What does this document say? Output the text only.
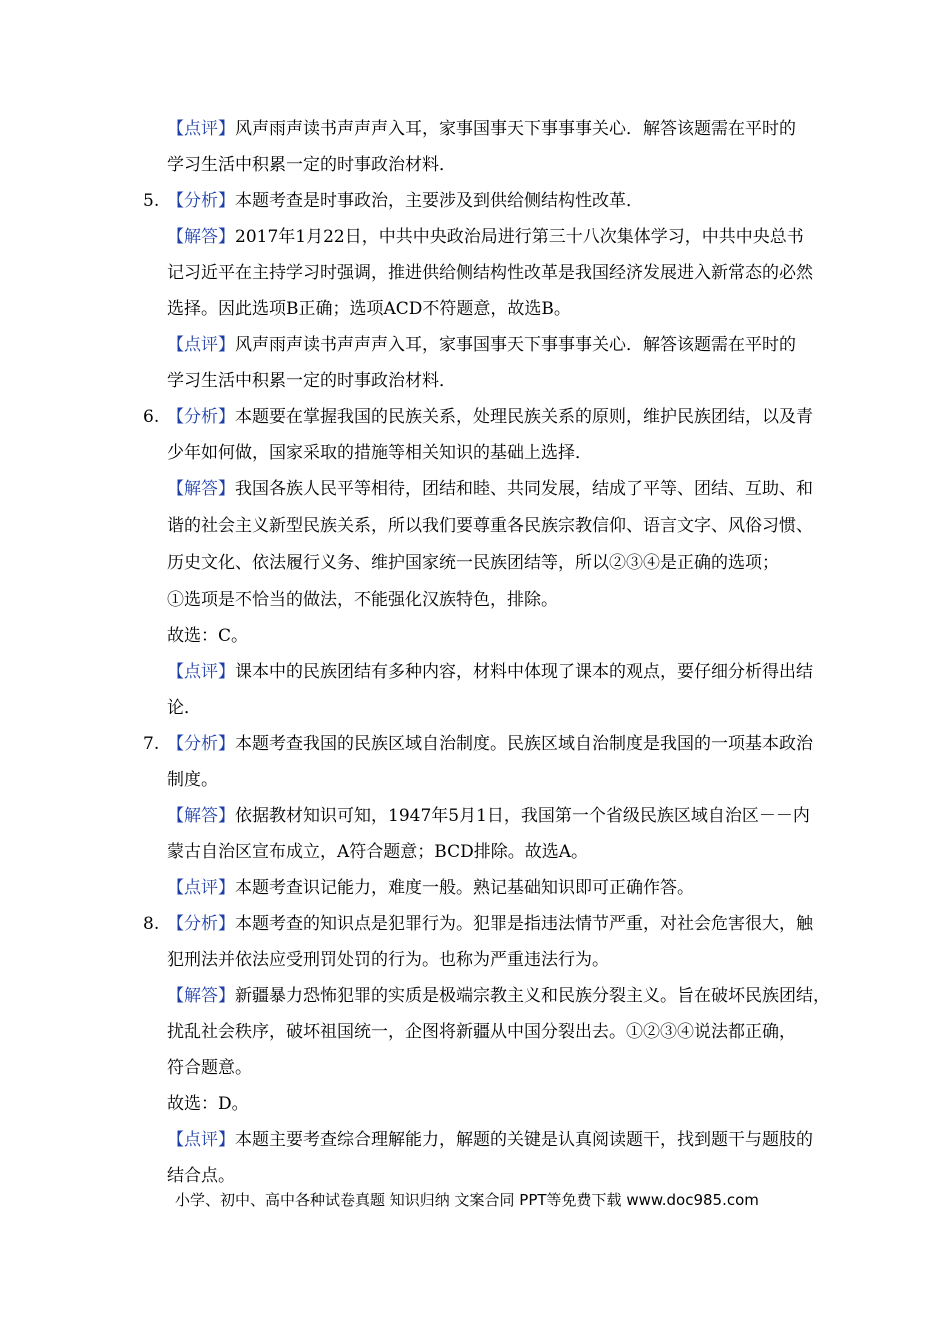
【点评】风声雨声读书声声声入耳，家事国事天下事事事关心．解答该题需在平时的
学习生活中积累一定的时事政治材料．
5. 【分析】本题考查是时事政治，主要涉及到供给侧结构性改革．
【解答】2017年1月22日，中共中央政治局进行第三十八次集体学习，中共中央总书
记习近平在主持学习时强调，推进供给侧结构性改革是我国经济发展进入新常态的必然
选择。因此选项B正确；选项ACD不符题意，故选B。
【点评】风声雨声读书声声声入耳，家事国事天下事事事关心．解答该题需在平时的
学习生活中积累一定的时事政治材料．
6. 【分析】本题要在掌握我国的民族关系，处理民族关系的原则，维护民族团结，以及青
少年如何做，国家采取的措施等相关知识的基础上选择．
【解答】我国各族人民平等相待，团结和睦、共同发展，结成了平等、团结、互助、和
谐的社会主义新型民族关系，所以我们要尊重各民族宗教信仰、语言文字、风俗习惯、
历史文化、依法履行义务、维护国家统一民族团结等，所以②③④是正确的选项；
①选项是不恰当的做法，不能强化汉族特色，排除。
故选：C。
【点评】课本中的民族团结有多种内容，材料中体现了课本的观点，要仔细分析得出结
论．
7. 【分析】本题考查我国的民族区域自治制度。民族区域自治制度是我国的一项基本政治
制度。
【解答】依据教材知识可知，1947年5月1日，我国第一个省级民族区域自治区－－内
蒙古自治区宣布成立，A符合题意；BCD排除。故选A。
【点评】本题考查识记能力，难度一般。熟记基础知识即可正确作答。
8. 【分析】本题考查的知识点是犯罪行为。犯罪是指违法情节严重，对社会危害很大，触
犯刑法并依法应受刑罚处罚的行为。也称为严重违法行为。
【解答】新疆暴力恐怖犯罪的实质是极端宗教主义和民族分裂主义。旨在破坏民族团结，
扰乱社会秩序，破坏祖国统一，企图将新疆从中国分裂出去。①②③④说法都正确，
符合题意。
故选：D。
【点评】本题主要考查综合理解能力，解题的关键是认真阅读题干，找到题干与题肢的
结合点。
小学、初中、高中各种试卷真题 知识归纳 文案合同 PPT等免费下载 www.doc985.com
